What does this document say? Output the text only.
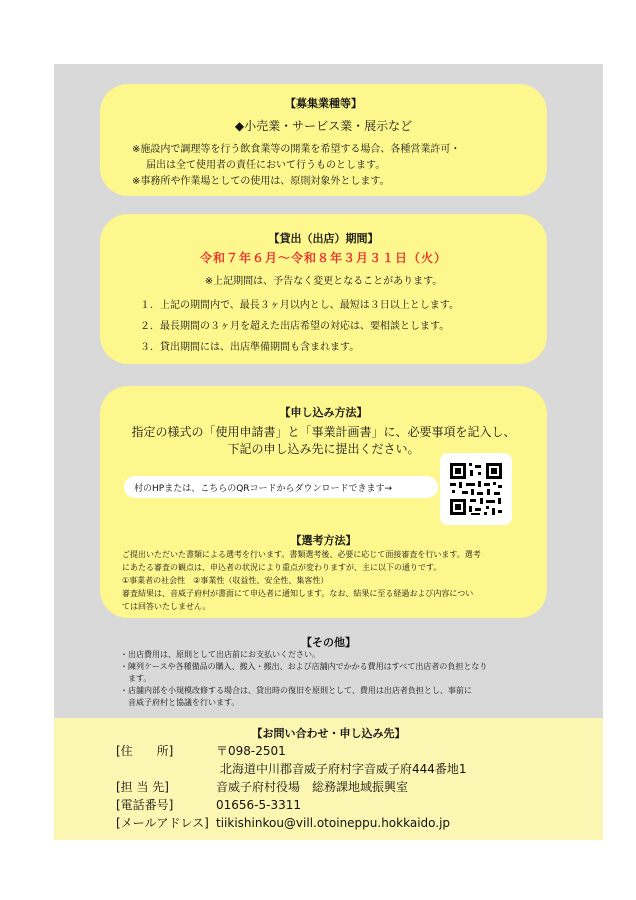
【募集業種等】
◆小売業・サービス業・展示など
※施設内で調理等を行う飲食業等の開業を希望する場合、各種営業許可・
届出は全て使用者の責任において行うものとします。
※事務所や作業場としての使用は、原則対象外とします。
【貸出（出店）期間】
令和７年６月～令和８年３月３１日（火）
※上記期間は、予告なく変更となることがあります。
１．上記の期間内で、最長３ヶ月以内とし、最短は３日以上とします。
２．最長期間の３ヶ月を超えた出店希望の対応は、要相談とします。
３．貸出期間には、出店準備期間も含まれます。
【申し込み方法】
指定の様式の「使用申請書」と「事業計画書」に、必要事項を記入し、
下記の申し込み先に提出ください。
村のHPまたは、こちらのQRコードからダウンロードできます→
【選考方法】
ご提出いただいた書類による選考を行います。書類選考後、必要に応じて面接審査を行います。選考
にあたる審査の観点は、申込者の状況により重点が変わりますが、主に以下の通りです。
①事業者の社会性　②事業性（収益性、安全性、集客性）
審査結果は、音威子府村が書面にて申込者に通知します。なお、結果に至る経過および内容につい
ては回答いたしません。
【その他】
・出店費用は、原則として出店前にお支払いください。
・陳列ケースや各種備品の購入、搬入・搬出、および店舗内でかかる費用はすべて出店者の負担となり
　ます。
・店舗内部を小規模改修する場合は、貸出時の復旧を原則として、費用は出店者負担とし、事前に
　音威子府村と協議を行います。
【お問い合わせ・申し込み先】
[住　　所]	〒098-2501
北海道中川郡音威子府村字音威子府444番地1
[担 当 先]	音威子府村役場　総務課地域振興室
[電話番号]	01656-5-3311
[メールアドレス] tiikishinkou@vill.otoineppu.hokkaido.jp
